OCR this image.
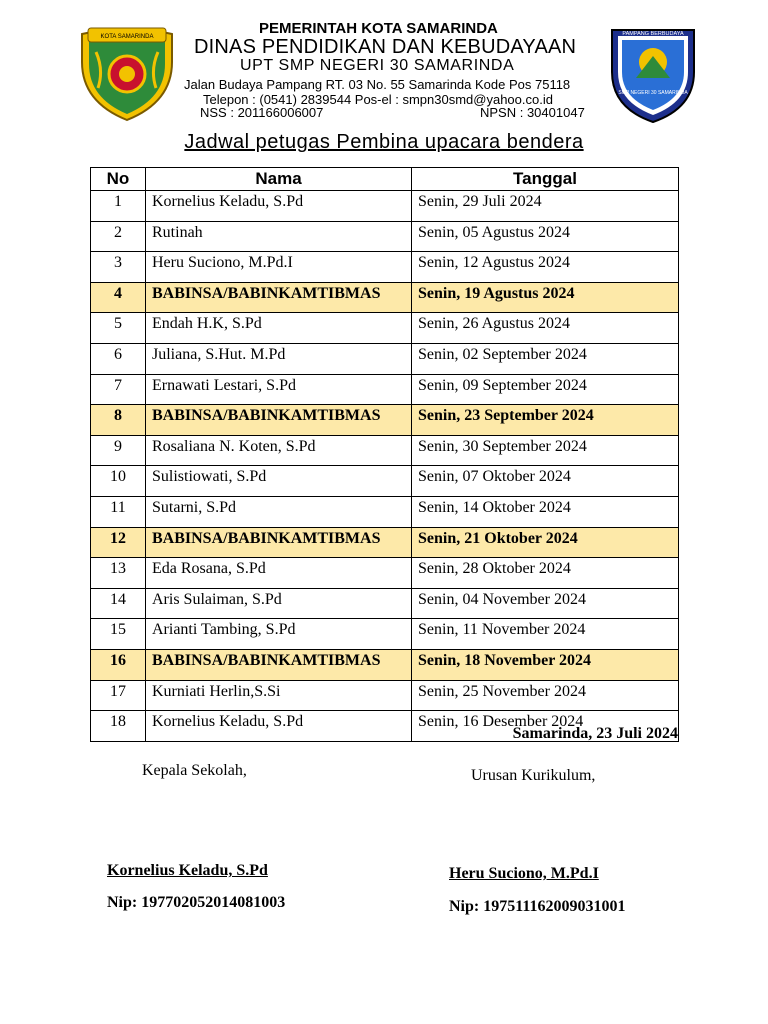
KOTA SAMARINDA	PEMERINTAH KOTA SAMARINDA
DINAS PENDIDIKAN DAN KEBUDAYAAN
UPT SMP NEGERI 30 SAMARINDA
Jalan Budaya Pampang RT. 03 No. 55 Samarinda Kode Pos 75118
Telepon : (0541) 2839544 Pos-el : smpn30smd@yahoo.co.id
NSS : 201166006007	NPSN : 30401047
PAMPANG BERBUDAYA
SMP NEGERI 30 SAMARINDA
Jadwal petugas Pembina upacara bendera
No	Nama	Tanggal
1	Kornelius Keladu, S.Pd	Senin, 29 Juli 2024
2	Rutinah	Senin, 05 Agustus 2024
3	Heru Suciono, M.Pd.I	Senin, 12 Agustus 2024
4	BABINSA/BABINKAMTIBMAS	Senin, 19 Agustus 2024
5	Endah H.K, S.Pd	Senin, 26 Agustus 2024
6	Juliana, S.Hut. M.Pd	Senin, 02 September 2024
7	Ernawati Lestari, S.Pd	Senin, 09 September 2024
8	BABINSA/BABINKAMTIBMAS	Senin, 23 September 2024
9	Rosaliana N. Koten, S.Pd	Senin, 30 September 2024
10	Sulistiowati, S.Pd	Senin, 07 Oktober 2024
11	Sutarni, S.Pd	Senin, 14 Oktober 2024
12	BABINSA/BABINKAMTIBMAS	Senin, 21 Oktober 2024
13	Eda Rosana, S.Pd	Senin, 28 Oktober 2024
14	Aris Sulaiman, S.Pd	Senin, 04 November 2024
15	Arianti Tambing, S.Pd	Senin, 11 November 2024
16	BABINSA/BABINKAMTIBMAS	Senin, 18 November 2024
17	Kurniati Herlin,S.Si	Senin, 25 November 2024
18	Kornelius Keladu, S.Pd	Senin, 16 Desember 2024
Samarinda, 23 Juli 2024
Kepala Sekolah,	Urusan Kurikulum,
Kornelius Keladu, S.Pd	Heru Suciono, M.Pd.I
Nip: 197702052014081003	Nip: 197511162009031001
